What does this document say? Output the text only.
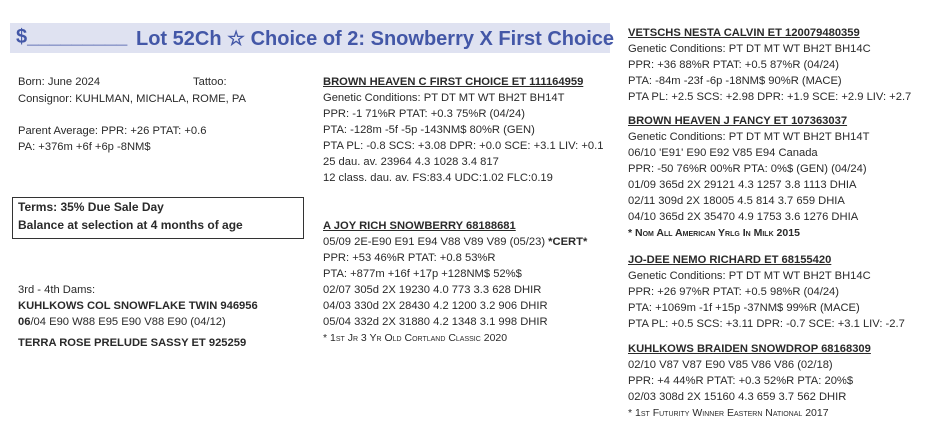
$_________ Lot 52Ch ☆ Choice of 2: Snowberry X First Choice
Born: June 2024	Tattoo:
Consignor: KUHLMAN, MICHALA, ROME, PA
Parent Average: PPR: +26 PTAT: +0.6
PA: +376m +6f +6p -8NM$
Terms: 35% Due Sale Day
Balance at selection at 4 months of age
3rd - 4th Dams:
KUHLKOWS COL SNOWFLAKE TWIN 946956
06/04 E90 W88 E95 E90 V88 E90 (04/12)
TERRA ROSE PRELUDE SASSY ET 925259
BROWN HEAVEN C FIRST CHOICE ET 111164959
Genetic Conditions: PT DT MT WT BH2T BH14T
PPR: -1 71%R PTAT: +0.3 75%R (04/24)
PTA: -128m -5f -5p -143NM$ 80%R (GEN)
PTA PL: -0.8 SCS: +3.08 DPR: +0.0 SCE: +3.1 LIV: +0.1
25 dau. av. 23964 4.3 1028 3.4 817
12 class. dau. av. FS:83.4 UDC:1.02 FLC:0.19
A JOY RICH SNOWBERRY 68188681
05/09 2E-E90 E91 E94 V88 V89 V89 (05/23) *CERT*
PPR: +53 46%R PTAT: +0.8 53%R
PTA: +877m +16f +17p +128NM$ 52%$
02/07 305d 2X 19230 4.0 773 3.3 628 DHIR
04/03 330d 2X 28430 4.2 1200 3.2 906 DHIR
05/04 332d 2X 31880 4.2 1348 3.1 998 DHIR
* 1st Jr 3 Yr Old Cortland Classic 2020
VETSCHS NESTA CALVIN ET 120079480359
Genetic Conditions: PT DT MT WT BH2T BH14C
PPR: +36 88%R PTAT: +0.5 87%R (04/24)
PTA: -84m -23f -6p -18NM$ 90%R (MACE)
PTA PL: +2.5 SCS: +2.98 DPR: +1.9 SCE: +2.9 LIV: +2.7
BROWN HEAVEN J FANCY ET 107363037
Genetic Conditions: PT DT MT WT BH2T BH14T
06/10 'E91' E90 E92 V85 E94 Canada
PPR: -50 76%R 00%R PTA: 0%$ (GEN) (04/24)
01/09 365d 2X 29121 4.3 1257 3.8 1113 DHIA
02/11 309d 2X 18005 4.5 814 3.7 659 DHIA
04/10 365d 2X 35470 4.9 1753 3.6 1276 DHIA
* Nom All American Yrlg In Milk 2015
JO-DEE NEMO RICHARD ET 68155420
Genetic Conditions: PT DT MT WT BH2T BH14C
PPR: +26 97%R PTAT: +0.5 98%R (04/24)
PTA: +1069m -1f +15p -37NM$ 99%R (MACE)
PTA PL: +0.5 SCS: +3.11 DPR: -0.7 SCE: +3.1 LIV: -2.7
KUHLKOWS BRAIDEN SNOWDROP 68168309
02/10 V87 V87 E90 V85 V86 V86 (02/18)
PPR: +4 44%R PTAT: +0.3 52%R PTA: 20%$
02/03 308d 2X 15160 4.3 659 3.7 562 DHIR
* 1st Futurity Winner Eastern National 2017
